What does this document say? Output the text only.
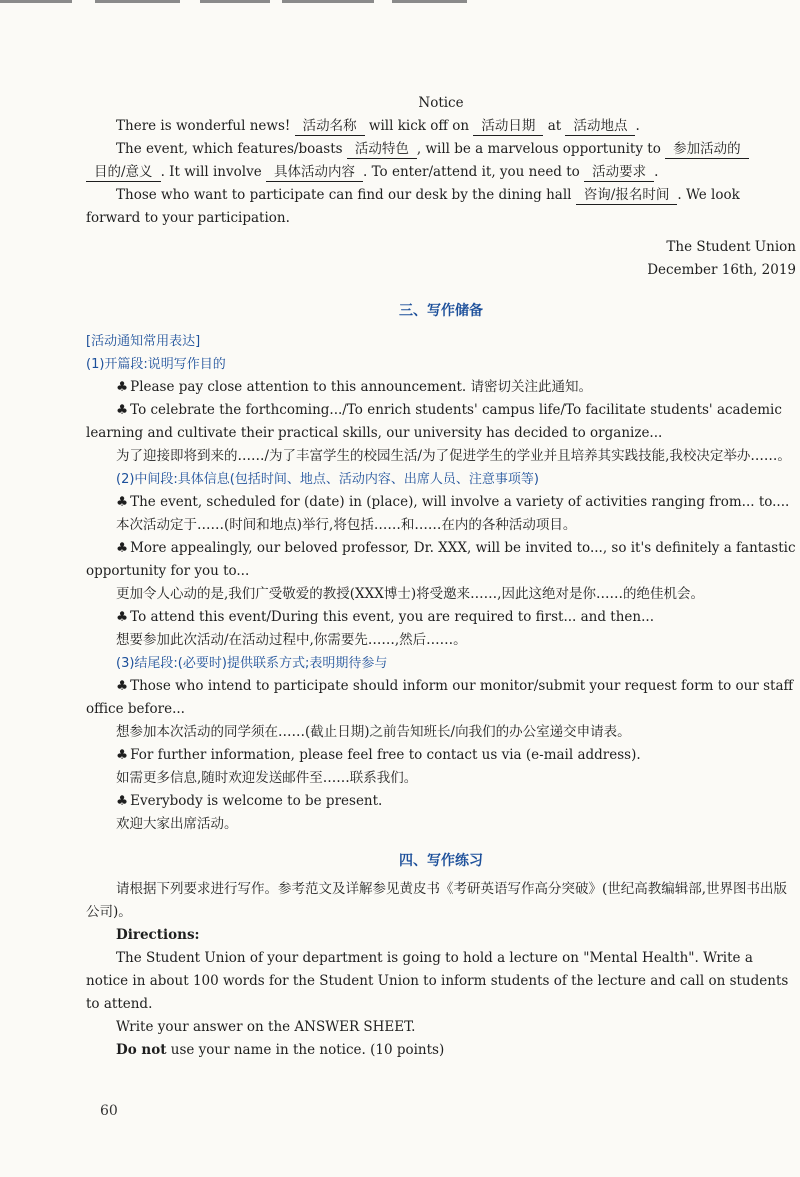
Notice

There is wonderful news! 活动名称 will kick off on 活动日期 at 活动地点 .

The event, which features/boasts 活动特色 , will be a marvelous opportunity to 参加活动的 目的/意义 . It will involve 具体活动内容 . To enter/attend it, you need to 活动要求 .

Those who want to participate can find our desk by the dining hall 咨询/报名时间 . We look forward to your participation.

The Student Union

December 16th, 2019

三、写作储备

[活动通知常用表达]

(1)开篇段:说明写作目的

♣ Please pay close attention to this announcement. 请密切关注此通知。

♣ To celebrate the forthcoming.../To enrich students' campus life/To facilitate students' academic learning and cultivate their practical skills, our university has decided to organize...

为了迎接即将到来的……/为了丰富学生的校园生活/为了促进学生的学业并且培养其实践技能,我校决定举办……。

(2)中间段:具体信息(包括时间、地点、活动内容、出席人员、注意事项等)

♣ The event, scheduled for (date) in (place), will involve a variety of activities ranging from... to....

本次活动定于……(时间和地点)举行,将包括……和……在内的各种活动项目。

♣ More appealingly, our beloved professor, Dr. XXX, will be invited to..., so it's definitely a fantastic opportunity for you to...

更加令人心动的是,我们广受敬爱的教授(XXX博士)将受邀来……,因此这绝对是你……的绝佳机会。

♣ To attend this event/During this event, you are required to first... and then...

想要参加此次活动/在活动过程中,你需要先……,然后……。

(3)结尾段:(必要时)提供联系方式;表明期待参与

♣ Those who intend to participate should inform our monitor/submit your request form to our staff office before...

想参加本次活动的同学须在……(截止日期)之前告知班长/向我们的办公室递交申请表。

♣ For further information, please feel free to contact us via (e-mail address).

如需更多信息,随时欢迎发送邮件至……联系我们。

♣ Everybody is welcome to be present.

欢迎大家出席活动。

四、写作练习

请根据下列要求进行写作。参考范文及详解参见黄皮书《考研英语写作高分突破》(世纪高教编辑部,世界图书出版公司)。

Directions:

The Student Union of your department is going to hold a lecture on "Mental Health". Write a notice in about 100 words for the Student Union to inform students of the lecture and call on students to attend.

Write your answer on the ANSWER SHEET.

Do not use your name in the notice. (10 points)

60
